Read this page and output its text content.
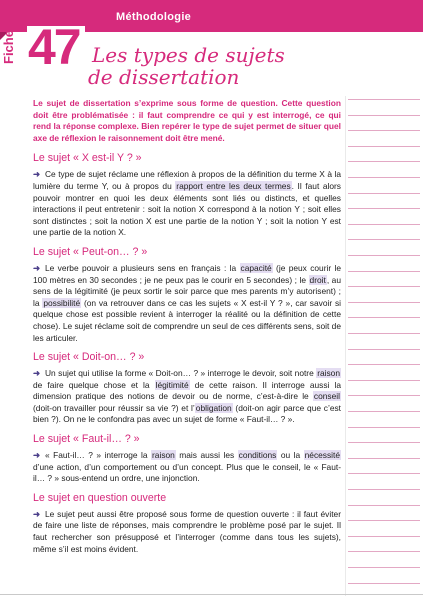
Méthodologie
Fiche 47 Les types de sujets
de dissertation

Le sujet de dissertation s’exprime sous forme de question. Cette question doit être problématisée : il faut comprendre ce qui y est interrogé, ce qui rend la réponse complexe. Bien repérer le type de sujet permet de situer quel axe de réflexion le raisonnement doit être mené.

Le sujet « X est-il Y ? »

➜ Ce type de sujet réclame une réflexion à propos de la définition du terme X à la lumière du terme Y, ou à propos du rapport entre les deux termes. Il faut alors pouvoir montrer en quoi les deux éléments sont liés ou distincts, et quelles interactions il peut entretenir : soit la notion X correspond à la notion Y ; soit elles sont distinctes ; soit la notion X est une partie de la notion Y ; soit la notion Y est une partie de la notion X.

Le sujet « Peut-on… ? »

➜ Le verbe pouvoir a plusieurs sens en français : la capacité (je peux courir le 100 mètres en 30 secondes ; je ne peux pas le courir en 5 secondes) ; le droit, au sens de la légitimité (je peux sortir le soir parce que mes parents m’y autorisent) ; la possibilité (on va retrouver dans ce cas les sujets « X est-il Y ? », car savoir si quelque chose est possible revient à interroger la réalité ou la définition de cette chose). Le sujet réclame soit de comprendre un seul de ces différents sens, soit de les articuler.

Le sujet « Doit-on… ? »

➜ Un sujet qui utilise la forme « Doit-on… ? » interroge le devoir, soit notre raison de faire quelque chose et la légitimité de cette raison. Il interroge aussi la dimension pratique des notions de devoir ou de norme, c’est-à-dire le conseil (doit-on travailler pour réussir sa vie ?) et l’obligation (doit-on agir parce que c’est bien ?). On ne le confondra pas avec un sujet de forme « Faut-il… ? ».

Le sujet « Faut-il… ? »

➜ « Faut-il… ? » interroge la raison mais aussi les conditions ou la nécessité d’une action, d’un comportement ou d’un concept. Plus que le conseil, le « Faut-il… ? » sous-entend un ordre, une injonction.

Le sujet en question ouverte

➜ Le sujet peut aussi être proposé sous forme de question ouverte : il faut éviter de faire une liste de réponses, mais comprendre le problème posé par le sujet. Il faut rechercher son présupposé et l’interroger (comme dans tous les sujets), même s’il est moins évident.
